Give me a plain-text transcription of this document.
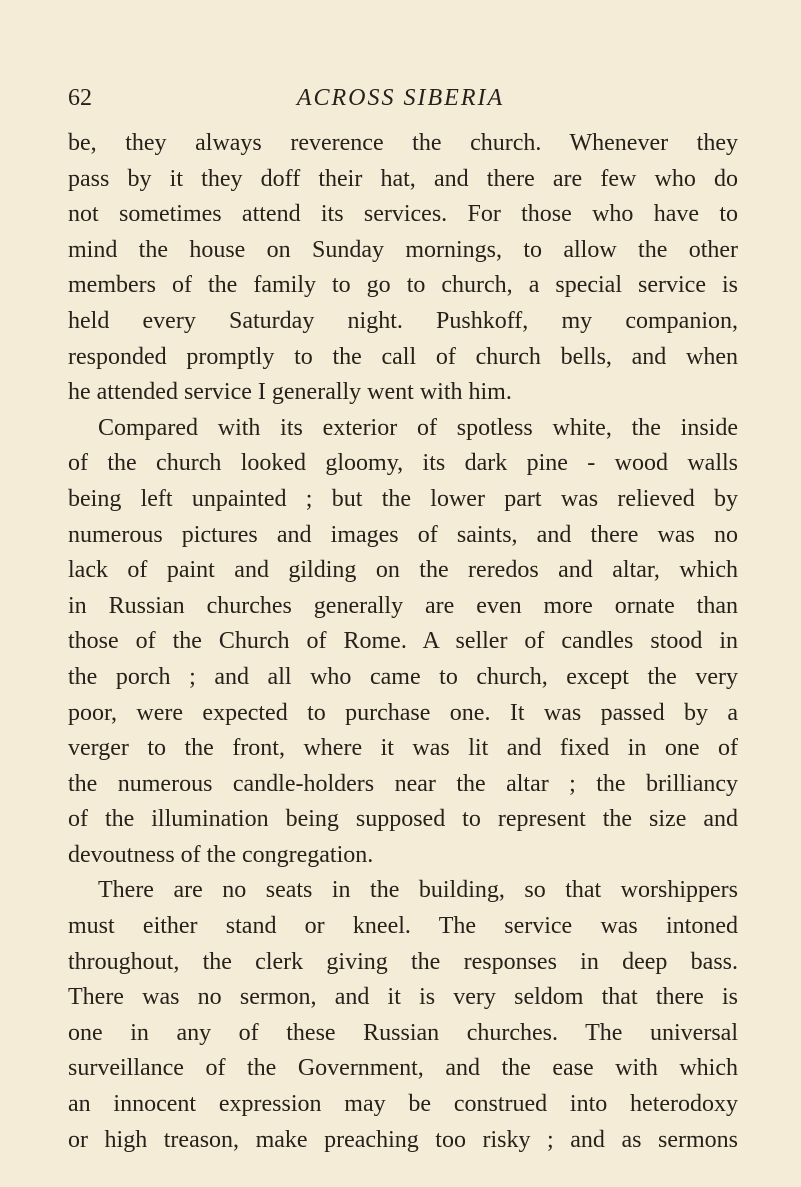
62	ACROSS SIBERIA
be, they always reverence the church. Whenever they
pass by it they doff their hat, and there are few who do
not sometimes attend its services. For those who have to
mind the house on Sunday mornings, to allow the other
members of the family to go to church, a special service is
held every Saturday night. Pushkoff, my companion,
responded promptly to the call of church bells, and when
he attended service I generally went with him.
Compared with its exterior of spotless white, the inside
of the church looked gloomy, its dark pine - wood walls
being left unpainted ; but the lower part was relieved by
numerous pictures and images of saints, and there was no
lack of paint and gilding on the reredos and altar, which
in Russian churches generally are even more ornate than
those of the Church of Rome. A seller of candles stood in
the porch ; and all who came to church, except the very
poor, were expected to purchase one. It was passed by a
verger to the front, where it was lit and fixed in one of
the numerous candle-holders near the altar ; the brilliancy
of the illumination being supposed to represent the size and
devoutness of the congregation.
There are no seats in the building, so that worshippers
must either stand or kneel. The service was intoned
throughout, the clerk giving the responses in deep bass.
There was no sermon, and it is very seldom that there is
one in any of these Russian churches. The universal
surveillance of the Government, and the ease with which
an innocent expression may be construed into heterodoxy
or high treason, make preaching too risky ; and as sermons
